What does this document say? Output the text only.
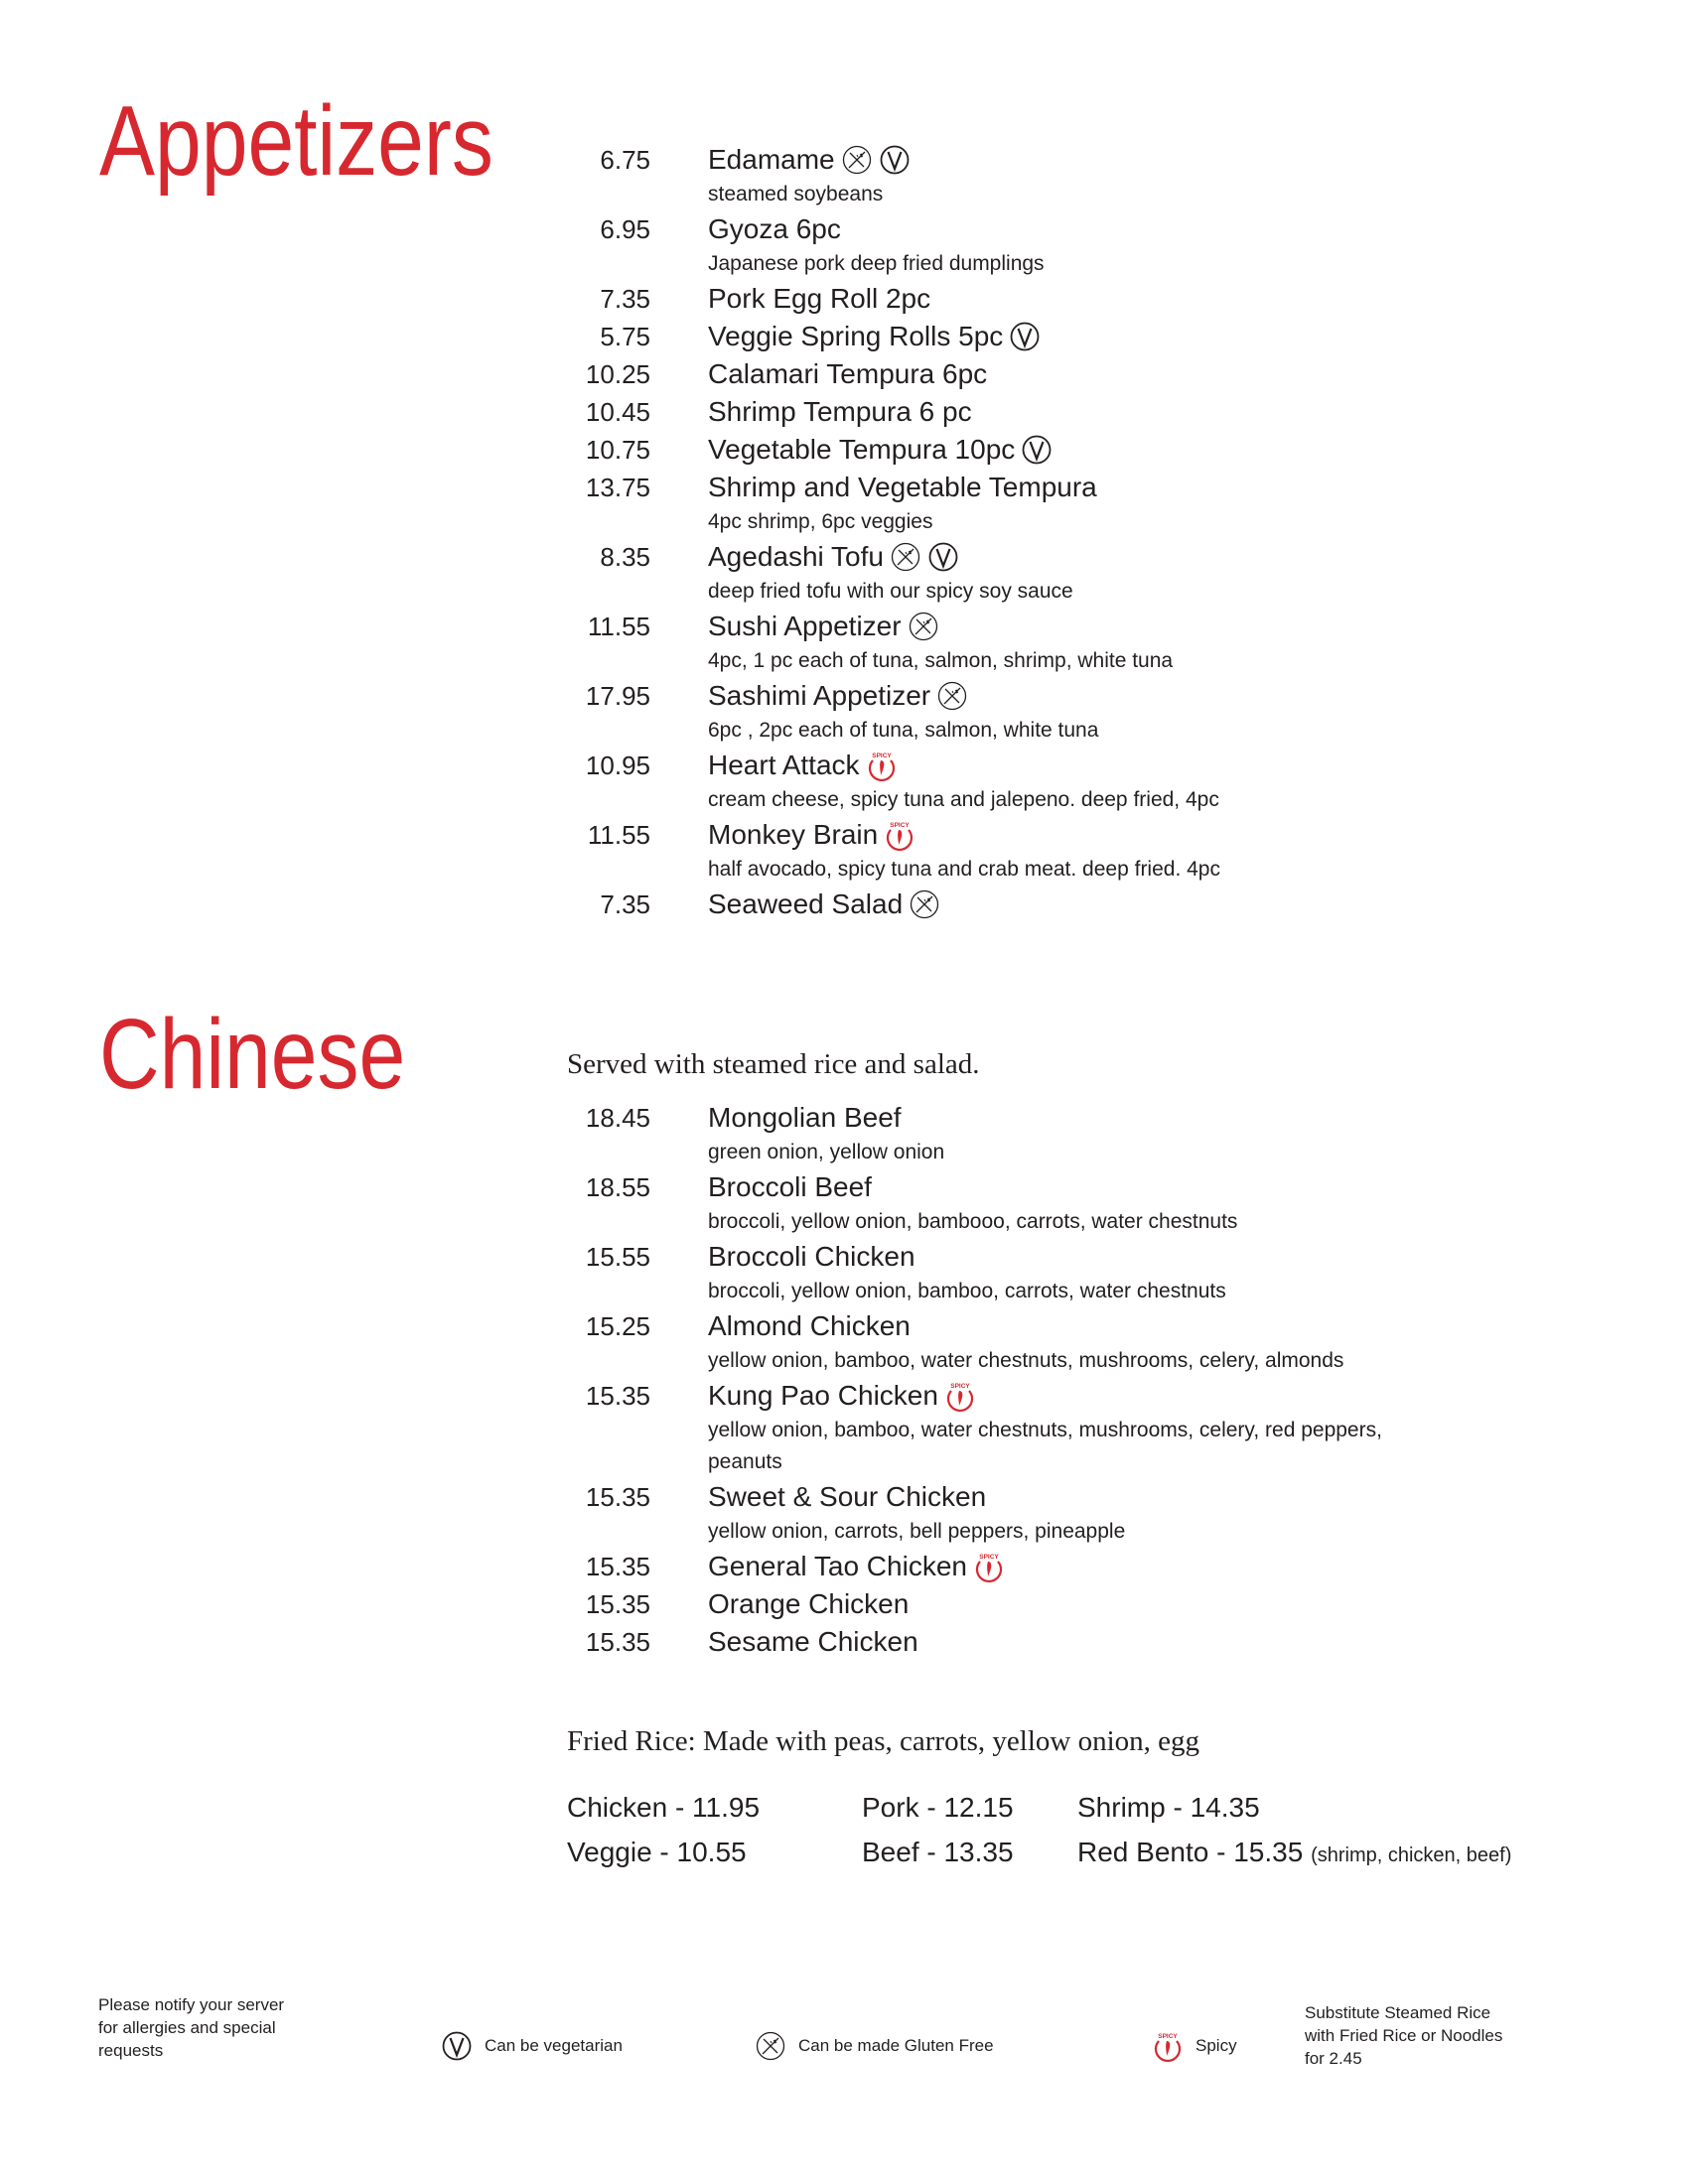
Appetizers	6.75 Edamame
steamed soybeans
6.95 Gyoza 6pc
Japanese pork deep fried dumplings
7.35 Pork Egg Roll 2pc
5.75 Veggie Spring Rolls 5pc
10.25 Calamari Tempura 6pc
10.45 Shrimp Tempura 6 pc
10.75 Vegetable Tempura 10pc
13.75 Shrimp and Vegetable Tempura
4pc shrimp, 6pc veggies
8.35 Agedashi Tofu
deep fried tofu with our spicy soy sauce
11.55 Sushi Appetizer
4pc, 1 pc each of tuna, salmon, shrimp, white tuna
17.95 Sashimi Appetizer
6pc , 2pc each of tuna, salmon, white tuna
10.95 Heart Attack SPICY
cream cheese, spicy tuna and jalepeno. deep fried, 4pc
11.55 Monkey Brain SPICY
half avocado, spicy tuna and crab meat. deep fried. 4pc
7.35 Seaweed Salad
Chinese	Served with steamed rice and salad.
18.45 Mongolian Beef
green onion, yellow onion
18.55 Broccoli Beef
broccoli, yellow onion, bambooo, carrots, water chestnuts
15.55 Broccoli Chicken
broccoli, yellow onion, bamboo, carrots, water chestnuts
15.25 Almond Chicken
yellow onion, bamboo, water chestnuts, mushrooms, celery, almonds
15.35 Kung Pao Chicken SPICY
yellow onion, bamboo, water chestnuts, mushrooms, celery, red peppers, peanuts
15.35 Sweet & Sour Chicken
yellow onion, carrots, bell peppers, pineapple
15.35 General Tao Chicken SPICY
15.35 Orange Chicken
15.35 Sesame Chicken
Fried Rice: Made with peas, carrots, yellow onion, egg
Chicken - 11.95	Pork - 12.15	Shrimp - 14.35
Veggie - 10.55	Beef - 13.35	Red Bento - 15.35 (shrimp, chicken, beef)
Please notify your server for allergies and special requests	Can be vegetarian	Can be made Gluten Free	SPICY Spicy
Substitute Steamed Rice with Fried Rice or Noodles for 2.45
